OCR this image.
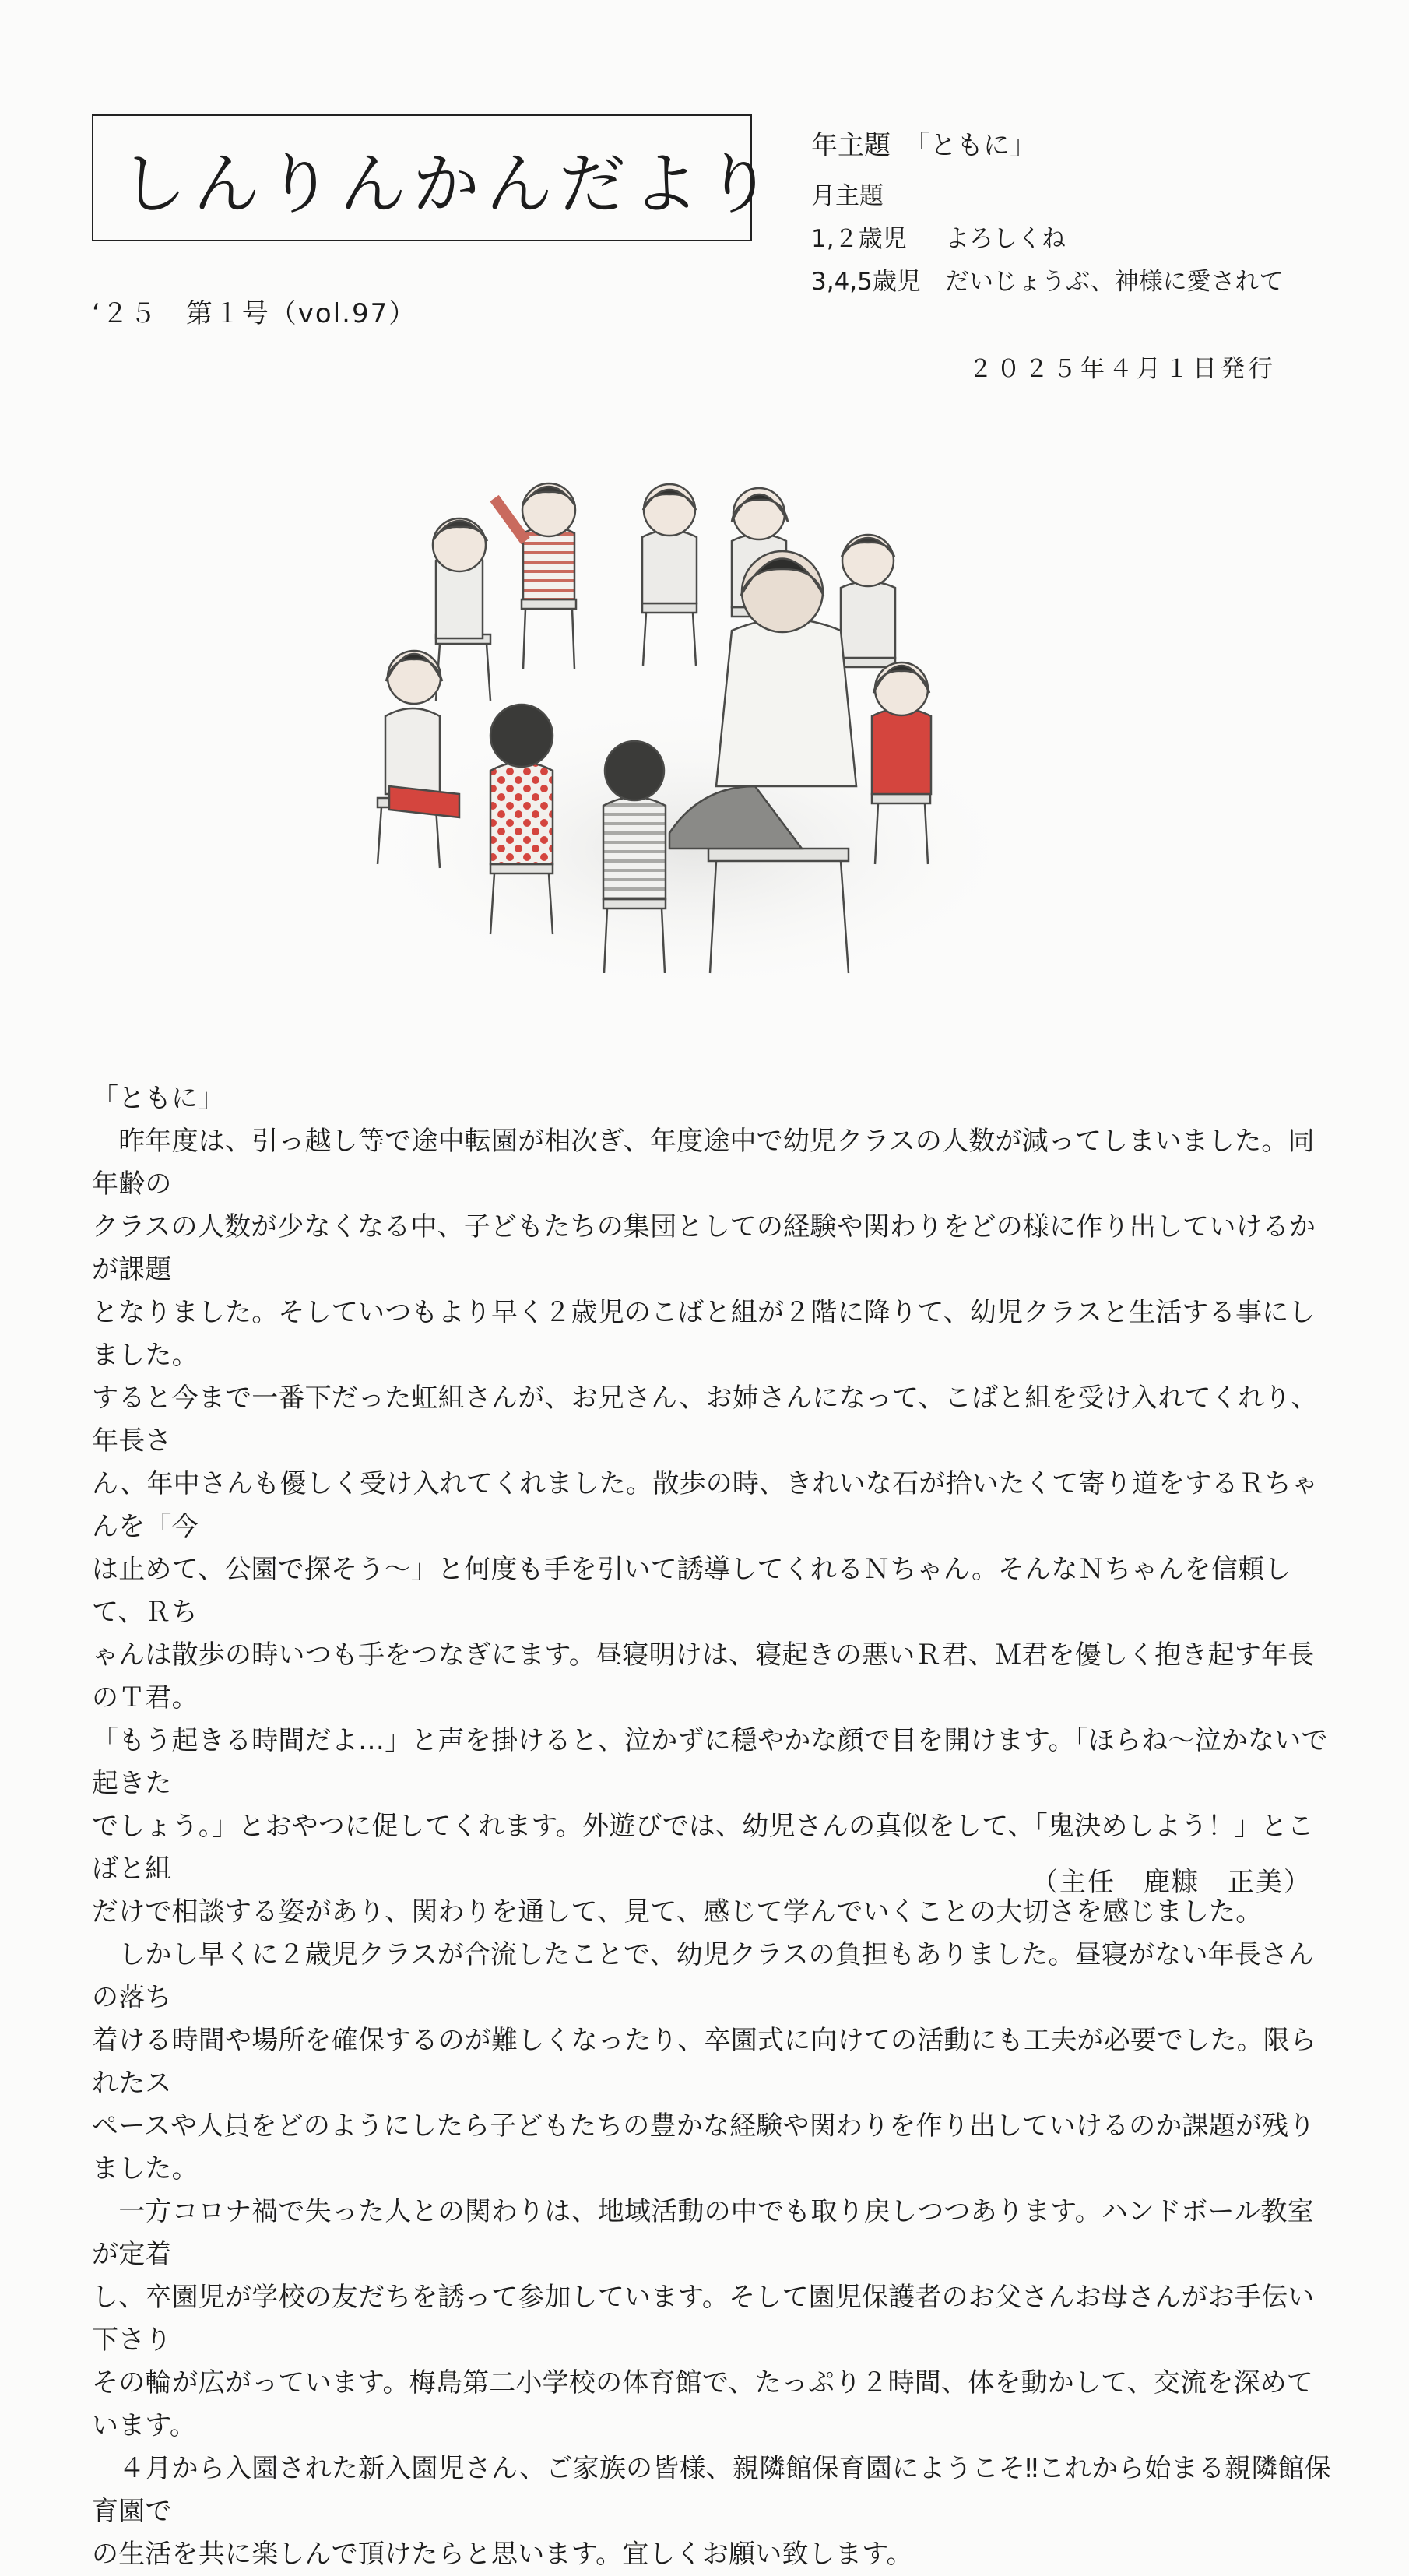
しんりんかんだより
‘２５　第１号（vol.97）
年主題　「ともに」
月主題
1,２歳児 よろしくね
3,4,5歳児 だいじょうぶ、神様に愛されて
２０２５年４月１日発行
「ともに」

　昨年度は、引っ越し等で途中転園が相次ぎ、年度途中で幼児クラスの人数が減ってしまいました。同年齢の
クラスの人数が少なくなる中、子どもたちの集団としての経験や関わりをどの様に作り出していけるかが課題
となりました。そしていつもより早く２歳児のこばと組が２階に降りて、幼児クラスと生活する事にしました。
すると今まで一番下だった虹組さんが、お兄さん、お姉さんになって、こばと組を受け入れてくれり、年長さ
ん、年中さんも優しく受け入れてくれました。散歩の時、きれいな石が拾いたくて寄り道をするＲちゃんを「今
は止めて、公園で探そう～」と何度も手を引いて誘導してくれるＮちゃん。そんなＮちゃんを信頼して、Ｒち
ゃんは散歩の時いつも手をつなぎにます。昼寝明けは、寝起きの悪いＲ君、Ｍ君を優しく抱き起す年長のＴ君。
「もう起きる時間だよ…」と声を掛けると、泣かずに穏やかな顔で目を開けます。「ほらね～泣かないで起きた
でしょう。」とおやつに促してくれます。外遊びでは、幼児さんの真似をして、「鬼決めしよう！」とこばと組
だけで相談する姿があり、関わりを通して、見て、感じて学んでいくことの大切さを感じました。

　しかし早くに２歳児クラスが合流したことで、幼児クラスの負担もありました。昼寝がない年長さんの落ち
着ける時間や場所を確保するのが難しくなったり、卒園式に向けての活動にも工夫が必要でした。限られたス
ペースや人員をどのようにしたら子どもたちの豊かな経験や関わりを作り出していけるのか課題が残りました。

　一方コロナ禍で失った人との関わりは、地域活動の中でも取り戻しつつあります。ハンドボール教室が定着
し、卒園児が学校の友だちを誘って参加しています。そして園児保護者のお父さんお母さんがお手伝い下さり
その輪が広がっています。梅島第二小学校の体育館で、たっぷり２時間、体を動かして、交流を深めています。

　４月から入園された新入園児さん、ご家族の皆様、親隣館保育園にようこそ‼これから始まる親隣館保育園で
の生活を共に楽しんで頂けたらと思います。宜しくお願い致します。

（主任　鹿糠　正美）
